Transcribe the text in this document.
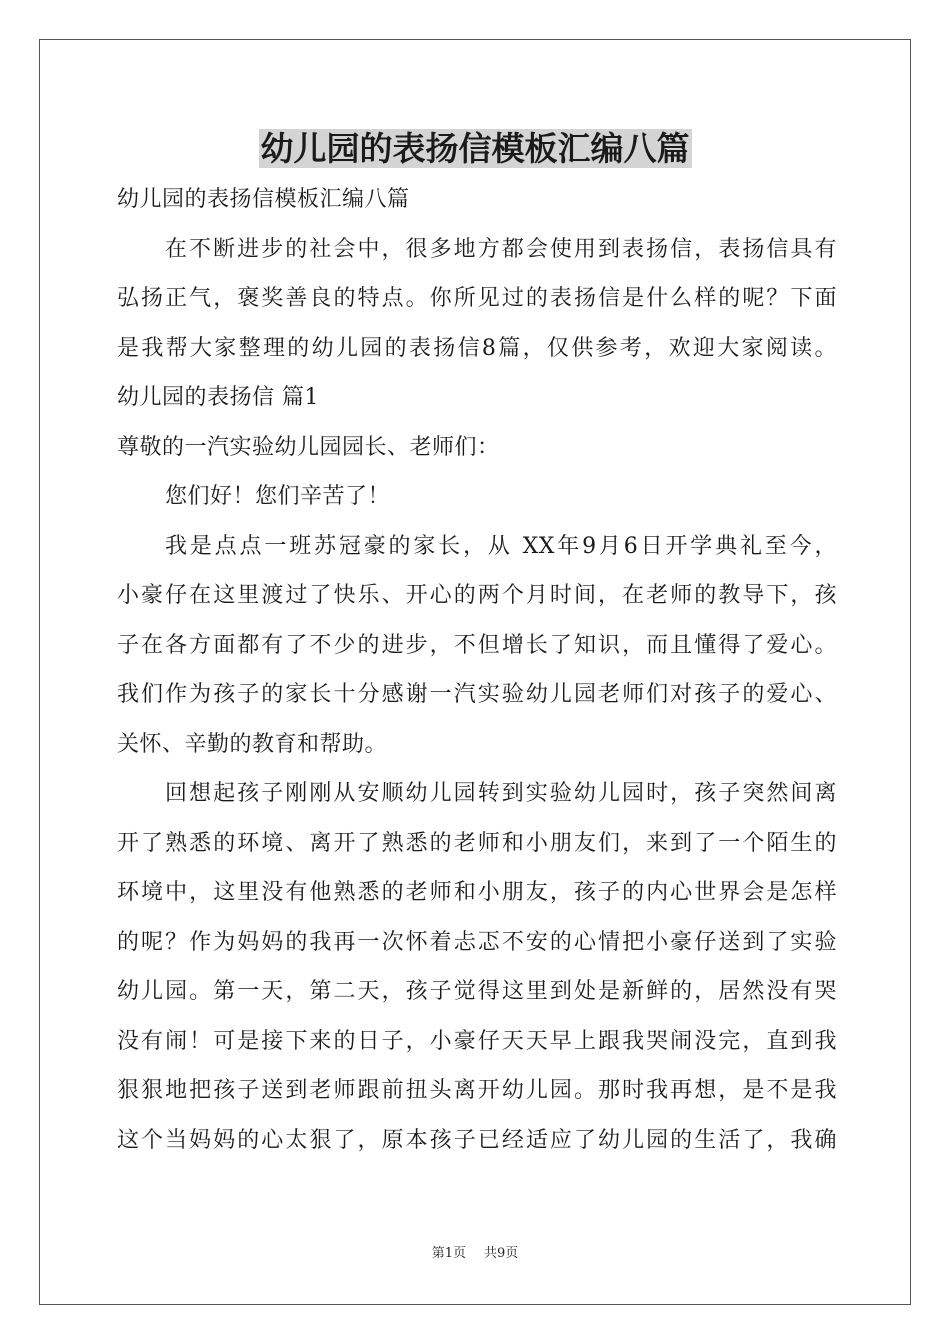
幼儿园的表扬信模板汇编八篇
幼儿园的表扬信模板汇编八篇
在不断进步的社会中，很多地方都会使用到表扬信，表扬信具有
弘扬正气，褒奖善良的特点。你所见过的表扬信是什么样的呢？下面
是我帮大家整理的幼儿园的表扬信8篇，仅供参考，欢迎大家阅读。
幼儿园的表扬信 篇1
尊敬的一汽实验幼儿园园长、老师们：
您们好！您们辛苦了！
我是点点一班苏冠豪的家长，从 XX年9月6日开学典礼至今，
小豪仔在这里渡过了快乐、开心的两个月时间，在老师的教导下，孩
子在各方面都有了不少的进步，不但增长了知识，而且懂得了爱心。
我们作为孩子的家长十分感谢一汽实验幼儿园老师们对孩子的爱心、
关怀、辛勤的教育和帮助。
回想起孩子刚刚从安顺幼儿园转到实验幼儿园时，孩子突然间离
开了熟悉的环境、离开了熟悉的老师和小朋友们，来到了一个陌生的
环境中，这里没有他熟悉的老师和小朋友，孩子的内心世界会是怎样
的呢？作为妈妈的我再一次怀着忐忑不安的心情把小豪仔送到了实验
幼儿园。第一天，第二天，孩子觉得这里到处是新鲜的，居然没有哭
没有闹！可是接下来的日子，小豪仔天天早上跟我哭闹没完，直到我
狠狠地把孩子送到老师跟前扭头离开幼儿园。那时我再想，是不是我
这个当妈妈的心太狠了，原本孩子已经适应了幼儿园的生活了，我确
第1页 共9页
